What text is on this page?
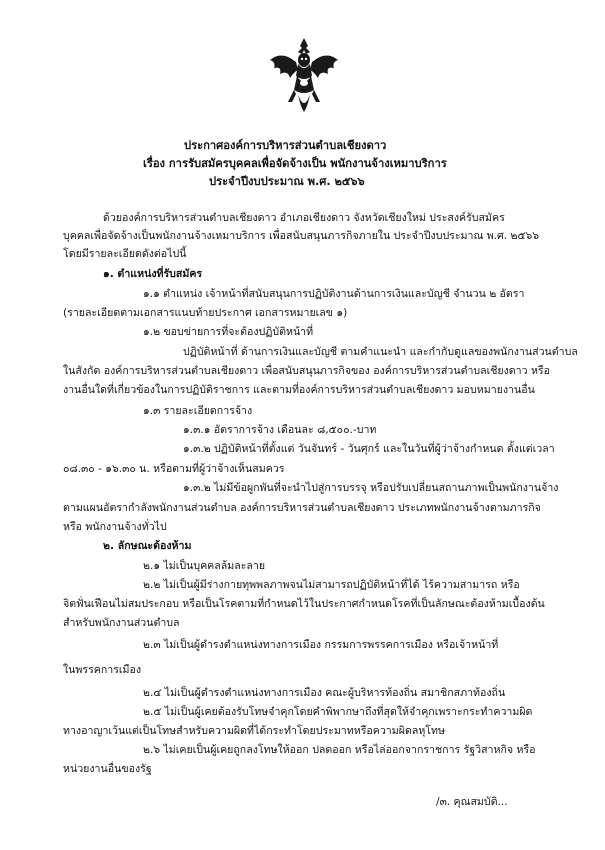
ประกาศองค์การบริหารส่วนตำบลเชียงดาว
เรื่อง การรับสมัครบุคคลเพื่อจัดจ้างเป็น พนักงานจ้างเหมาบริการ
ประจำปีงบประมาณ พ.ศ. ๒๕๖๖
ด้วยองค์การบริหารส่วนตำบลเชียงดาว อำเภอเชียงดาว จังหวัดเชียงใหม่ ประสงค์รับสมัคร
บุคคลเพื่อจัดจ้างเป็นพนักงานจ้างเหมาบริการ เพื่อสนับสนุนภารกิจภายใน ประจำปีงบประมาณ พ.ศ. ๒๕๖๖
โดยมีรายละเอียดดังต่อไปนี้
๑. ตำแหน่งที่รับสมัคร
๑.๑ ตำแหน่ง เจ้าหน้าที่สนับสนุนการปฏิบัติงานด้านการเงินและบัญชี จำนวน ๒ อัตรา
(รายละเอียดตามเอกสารแนบท้ายประกาศ เอกสารหมายเลข ๑)
๑.๒ ขอบข่ายการที่จะต้องปฏิบัติหน้าที่
ปฏิบัติหน้าที่ ด้านการเงินและบัญชี ตามคำแนะนำ และกำกับดูแลของพนักงานส่วนตำบล
ในสังกัด องค์การบริหารส่วนตำบลเชียงดาว เพื่อสนับสนุนภารกิจของ องค์การบริหารส่วนตำบลเชียงดาว หรือ
งานอื่นใดที่เกี่ยวข้องในการปฏิบัติราชการ และตามที่องค์การบริหารส่วนตำบลเชียงดาว มอบหมายงานอื่น
๑.๓ รายละเอียดการจ้าง
๑.๓.๑ อัตราการจ้าง เดือนละ ๘,๕๐๐.-บาท
๑.๓.๒ ปฏิบัติหน้าที่ตั้งแต่ วันจันทร์ - วันศุกร์ และในวันที่ผู้ว่าจ้างกำหนด ตั้งแต่เวลา
๐๘.๓๐ - ๑๖.๓๐ น. หรือตามที่ผู้ว่าจ้างเห็นสมควร
๑.๓.๒ ไม่มีข้อผูกพันที่จะนำไปสู่การบรรจุ หรือปรับเปลี่ยนสถานภาพเป็นพนักงานจ้าง
ตามแผนอัตรากำลังพนักงานส่วนตำบล องค์การบริหารส่วนตำบลเชียงดาว ประเภทพนักงานจ้างตามภารกิจ
หรือ พนักงานจ้างทั่วไป
๒. ลักษณะต้องห้าม
๒.๑ ไม่เป็นบุคคลล้มละลาย
๒.๒ ไม่เป็นผู้มีร่างกายทุพพลภาพจนไม่สามารถปฏิบัติหน้าที่ได้ ไร้ความสามารถ หรือ
จิตฟั่นเฟือนไม่สมประกอบ หรือเป็นโรคตามที่กำหนดไว้ในประกาศกำหนดโรคที่เป็นลักษณะต้องห้ามเบื้องต้น
สำหรับพนักงานส่วนตำบล
๒.๓ ไม่เป็นผู้ดำรงตำแหน่งทางการเมือง กรรมการพรรคการเมือง หรือเจ้าหน้าที่
ในพรรคการเมือง
๒.๔ ไม่เป็นผู้ดำรงตำแหน่งทางการเมือง คณะผู้บริหารท้องถิ่น สมาชิกสภาท้องถิ่น
๒.๕ ไม่เป็นผู้เคยต้องรับโทษจำคุกโดยคำพิพากษาถึงที่สุดให้จำคุกเพราะกระทำความผิด
ทางอาญาเว้นแต่เป็นโทษสำหรับความผิดที่ได้กระทำโดยประมาทหรือความผิดลหุโทษ
๒.๖ ไม่เคยเป็นผู้เคยถูกลงโทษให้ออก ปลดออก หรือไล่ออกจากราชการ รัฐวิสาหกิจ หรือ
หน่วยงานอื่นของรัฐ
/๓. คุณสมบัติ...
